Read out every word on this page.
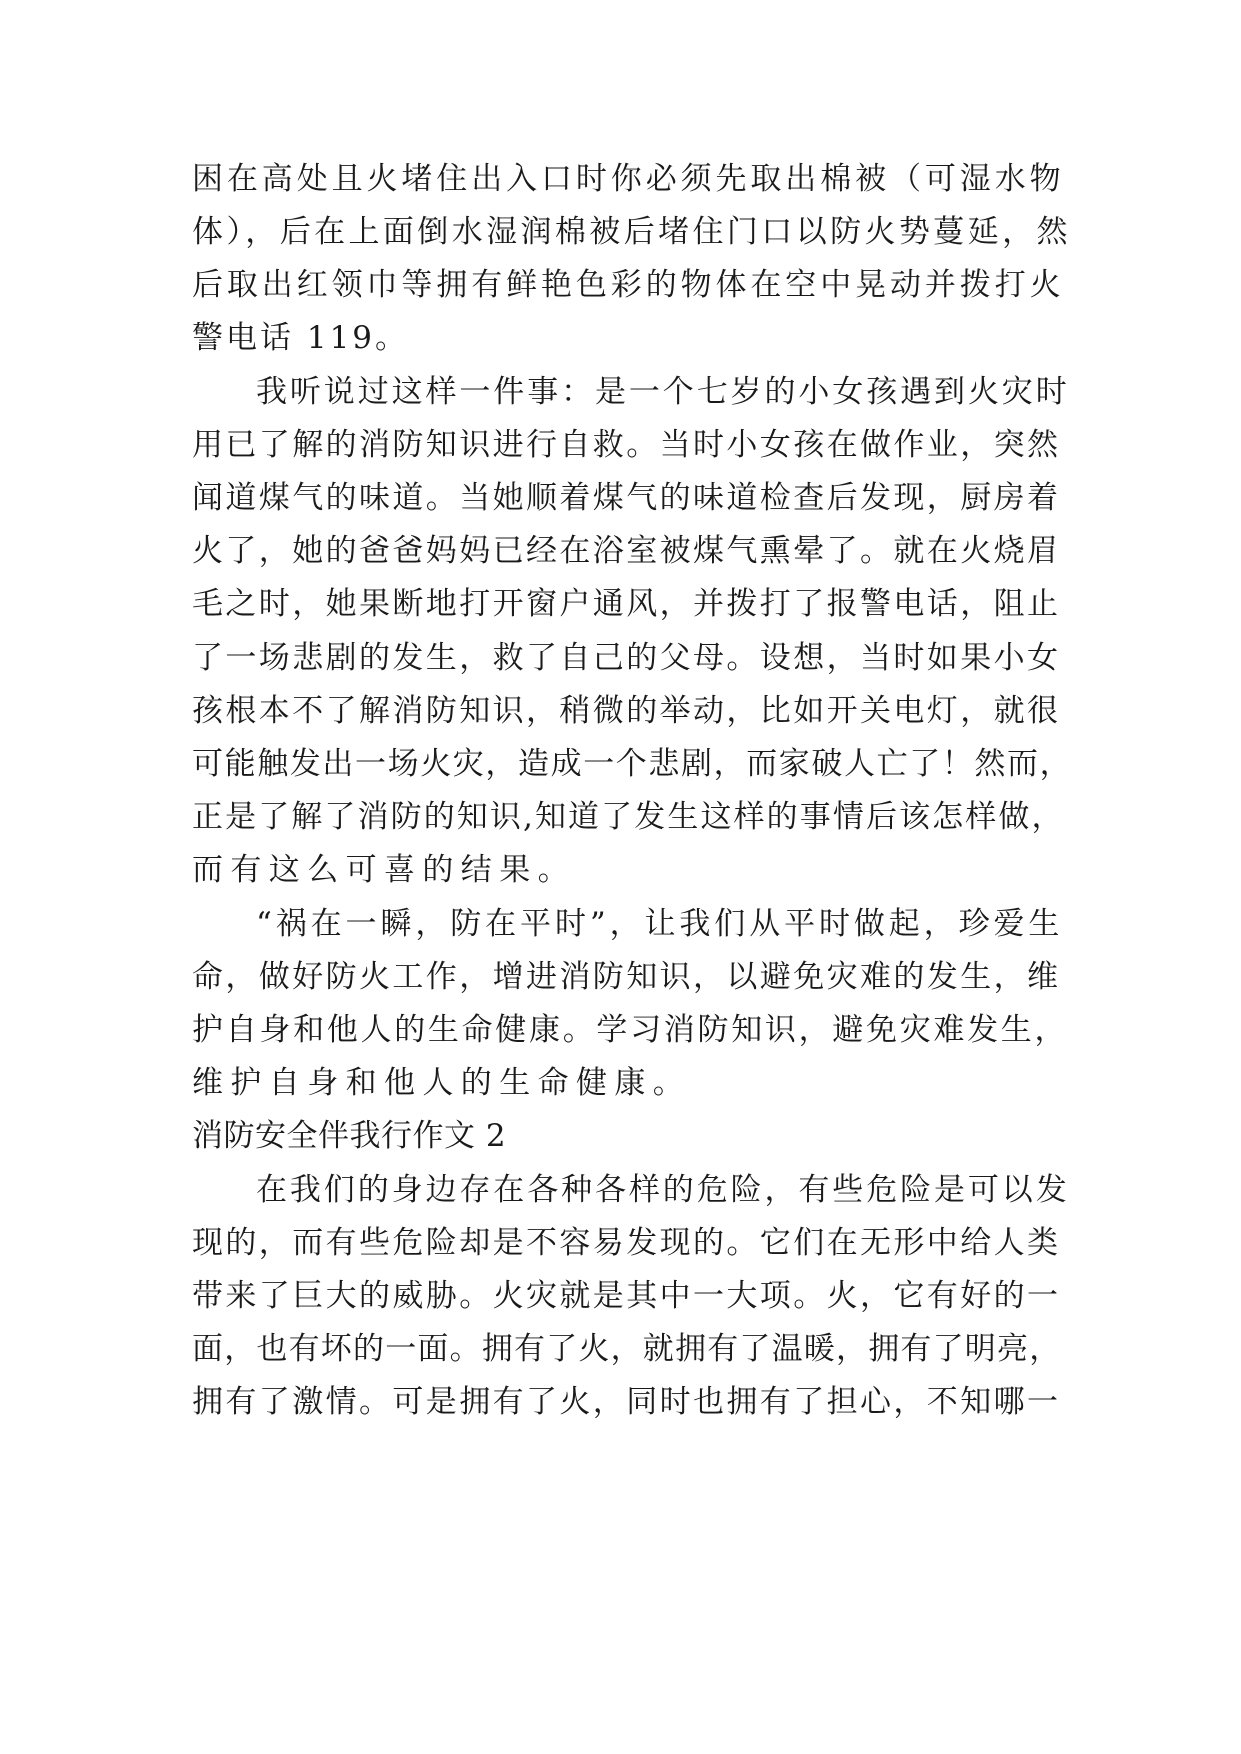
困在高处且火堵住出入口时你必须先取出棉被（可湿水物
体），后在上面倒水湿润棉被后堵住门口以防火势蔓延，然
后取出红领巾等拥有鲜艳色彩的物体在空中晃动并拨打火
警电话 119。
我听说过这样一件事：是一个七岁的小女孩遇到火灾时
用已了解的消防知识进行自救。当时小女孩在做作业，突然
闻道煤气的味道。当她顺着煤气的味道检查后发现，厨房着
火了，她的爸爸妈妈已经在浴室被煤气熏晕了。就在火烧眉
毛之时，她果断地打开窗户通风，并拨打了报警电话，阻止
了一场悲剧的发生，救了自己的父母。设想，当时如果小女
孩根本不了解消防知识，稍微的举动，比如开关电灯，就很
可能触发出一场火灾，造成一个悲剧，而家破人亡了！然而，
正是了解了消防的知识,知道了发生这样的事情后该怎样做，
而有这么可喜的结果。
“祸在一瞬，防在平时”，让我们从平时做起，珍爱生
命，做好防火工作，增进消防知识，以避免灾难的发生，维
护自身和他人的生命健康。学习消防知识，避免灾难发生，
维护自身和他人的生命健康。
消防安全伴我行作文 2
在我们的身边存在各种各样的危险，有些危险是可以发
现的，而有些危险却是不容易发现的。它们在无形中给人类
带来了巨大的威胁。火灾就是其中一大项。火，它有好的一
面，也有坏的一面。拥有了火，就拥有了温暖，拥有了明亮，
拥有了激情。可是拥有了火，同时也拥有了担心，不知哪一
